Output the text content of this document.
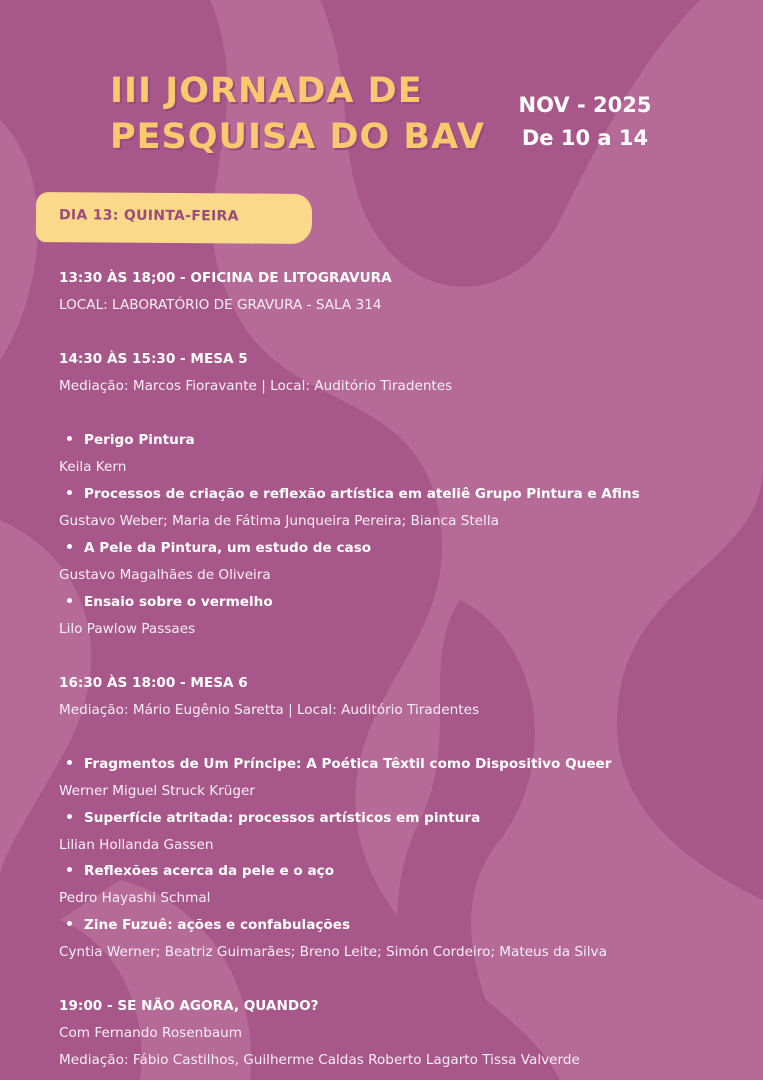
III JORNADA DE
PESQUISA DO BAV
NOV - 2025
De 10 a 14
DIA 13: QUINTA-FEIRA
13:30 ÀS 18;00 - OFICINA DE LITOGRAVURA
LOCAL: LABORATÓRIO DE GRAVURA - SALA 314
14:30 ÀS 15:30 - MESA 5
Mediação: Marcos Fioravante | Local: Auditório Tiradentes
Perigo Pintura
Keila Kern
Processos de criação e reflexão artística em ateliê Grupo Pintura e Afins
Gustavo Weber; Maria de Fátima Junqueira Pereira; Bianca Stella
A Pele da Pintura, um estudo de caso
Gustavo Magalhães de Oliveira
Ensaio sobre o vermelho
Lilo Pawlow Passaes
16:30 ÀS 18:00 - MESA 6
Mediação: Mário Eugênio Saretta | Local: Auditório Tiradentes
Fragmentos de Um Príncipe: A Poética Têxtil como Dispositivo Queer
Werner Miguel Struck Krüger
Superfície atritada: processos artísticos em pintura
Lilian Hollanda Gassen
Reflexões acerca da pele e o aço
Pedro Hayashi Schmal
Zine Fuzuê: ações e confabulações
Cyntia Werner; Beatriz Guimarães; Breno Leite; Simón Cordeiro; Mateus da Silva
19:00 - SE NÃO AGORA, QUANDO?
Com Fernando Rosenbaum
Mediação: Fábio Castilhos, Guilherme Caldas Roberto Lagarto Tissa Valverde
